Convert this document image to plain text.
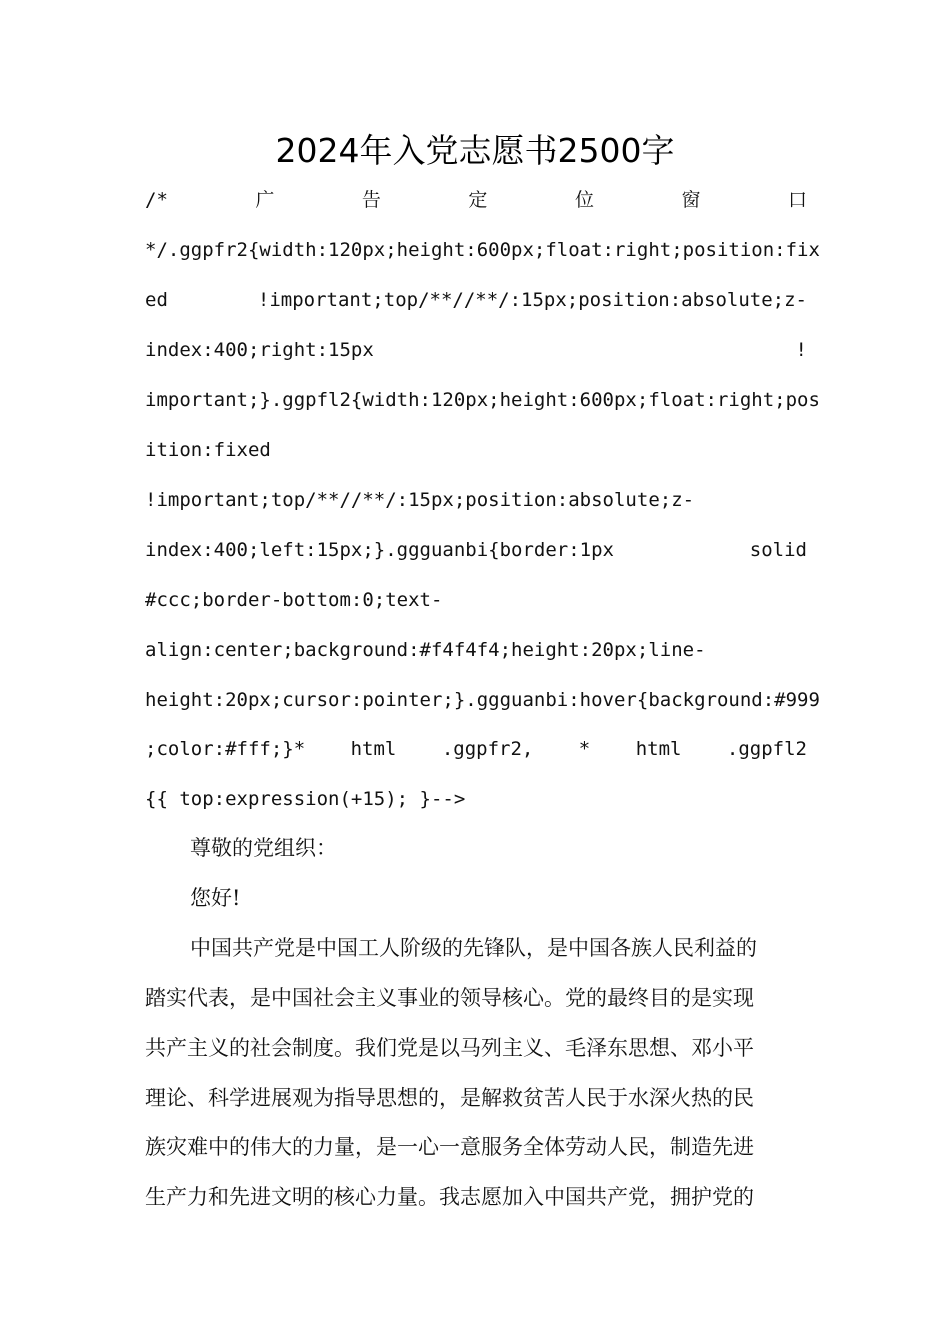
2024年入党志愿书2500字
/*	广	告	定	位	窗	口
*/.ggpfr2{width:120px;height:600px;float:right;position:fix
ed	!important;top/**//**/:15px;position:absolute;z-
index:400;right:15px	!
important;}.ggpfl2{width:120px;height:600px;float:right;pos
ition:fixed
!important;top/**//**/:15px;position:absolute;z-
index:400;left:15px;}.ggguanbi{border:1px	solid
#ccc;border-bottom:0;text-
align:center;background:#f4f4f4;height:20px;line-
height:20px;cursor:pointer;}.ggguanbi:hover{background:#999
;color:#fff;}* html .ggpfr2, * html .ggpfl2
{{ top:expression(+15); }-->
尊敬的党组织：
您好!
中国共产党是中国工人阶级的先锋队，是中国各族人民利益的
踏实代表，是中国社会主义事业的领导核心。党的最终目的是实现
共产主义的社会制度。我们党是以马列主义、毛泽东思想、邓小平
理论、科学进展观为指导思想的，是解救贫苦人民于水深火热的民
族灾难中的伟大的力量，是一心一意服务全体劳动人民，制造先进
生产力和先进文明的核心力量。我志愿加入中国共产党，拥护党的
